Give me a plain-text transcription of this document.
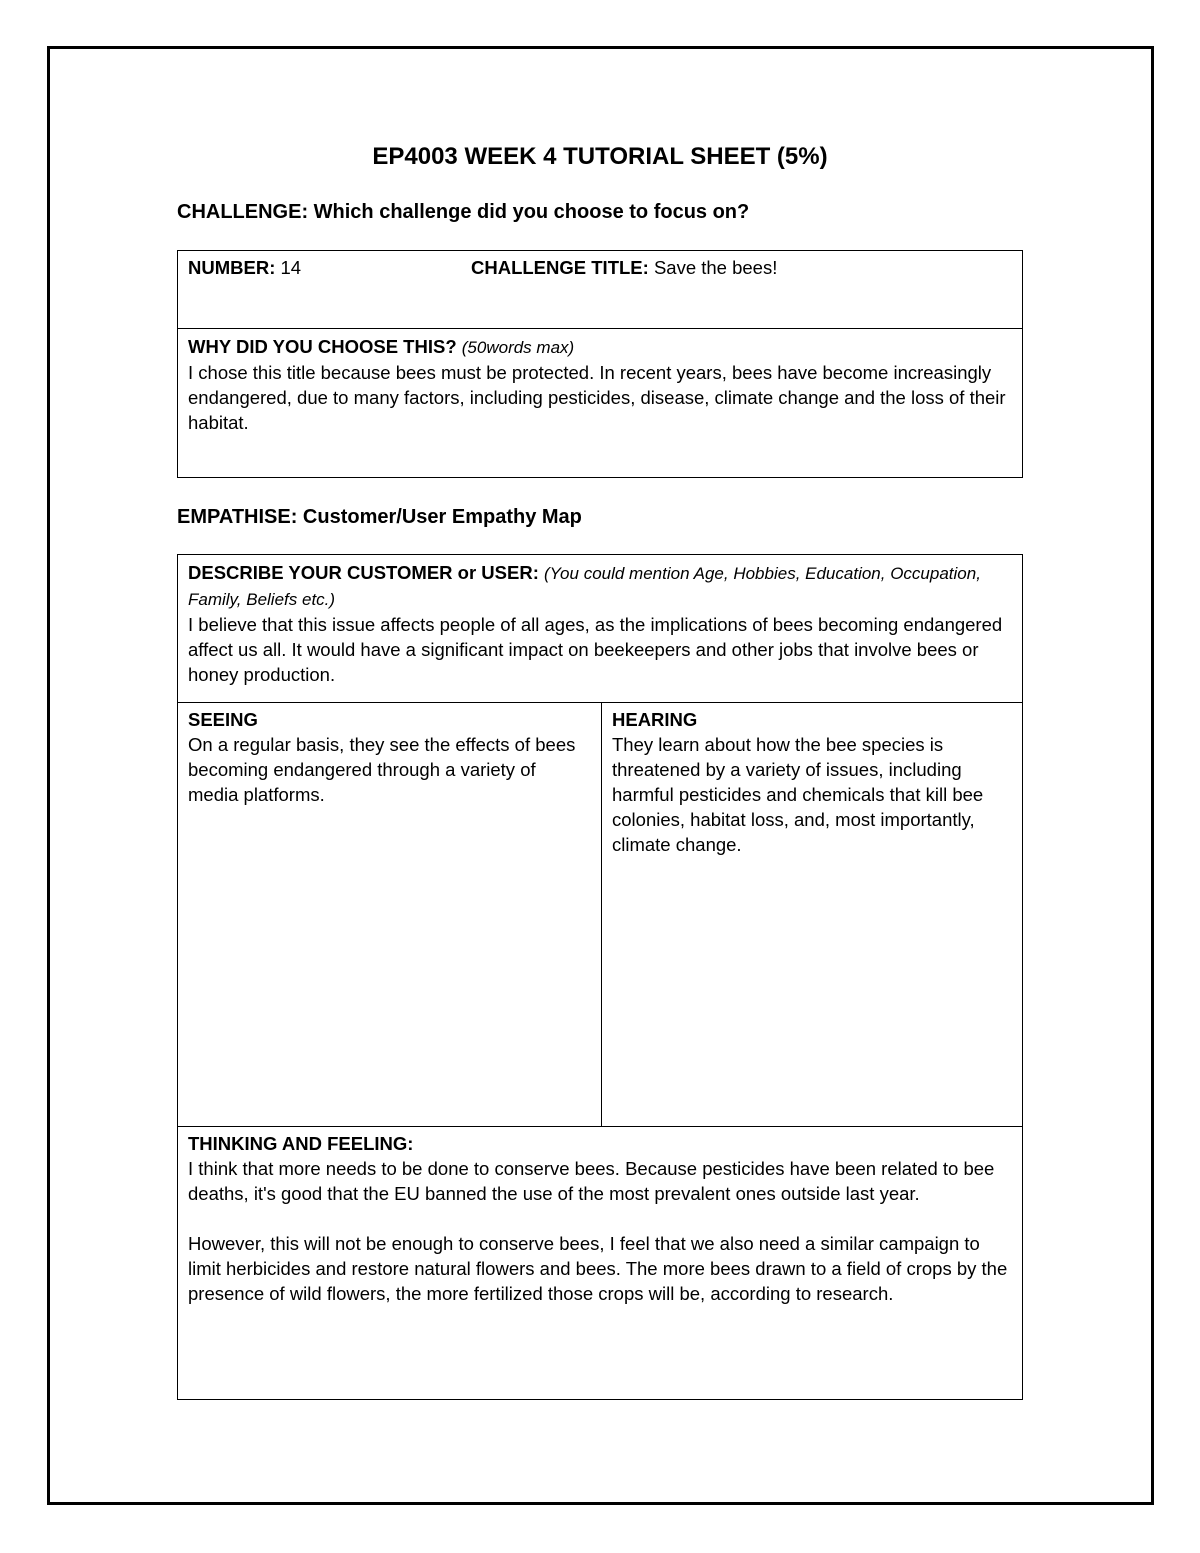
EP4003 WEEK 4 TUTORIAL SHEET (5%)
CHALLENGE: Which challenge did you choose to focus on?
NUMBER: 14	CHALLENGE TITLE: Save the bees!
WHY DID YOU CHOOSE THIS? (50words max)
I chose this title because bees must be protected. In recent years, bees have become increasingly endangered, due to many factors, including pesticides, disease, climate change and the loss of their habitat.
EMPATHISE: Customer/User Empathy Map
DESCRIBE YOUR CUSTOMER or USER: (You could mention Age, Hobbies, Education, Occupation, Family, Beliefs etc.)
I believe that this issue affects people of all ages, as the implications of bees becoming endangered affect us all. It would have a significant impact on beekeepers and other jobs that involve bees or honey production.
SEEING
On a regular basis, they see the effects of bees becoming endangered through a variety of media platforms.
HEARING
They learn about how the bee species is threatened by a variety of issues, including harmful pesticides and chemicals that kill bee colonies, habitat loss, and, most importantly, climate change.
THINKING AND FEELING:
I think that more needs to be done to conserve bees. Because pesticides have been related to bee deaths, it's good that the EU banned the use of the most prevalent ones outside last year.
However, this will not be enough to conserve bees, I feel that we also need a similar campaign to limit herbicides and restore natural flowers and bees. The more bees drawn to a field of crops by the presence of wild flowers, the more fertilized those crops will be, according to research.
